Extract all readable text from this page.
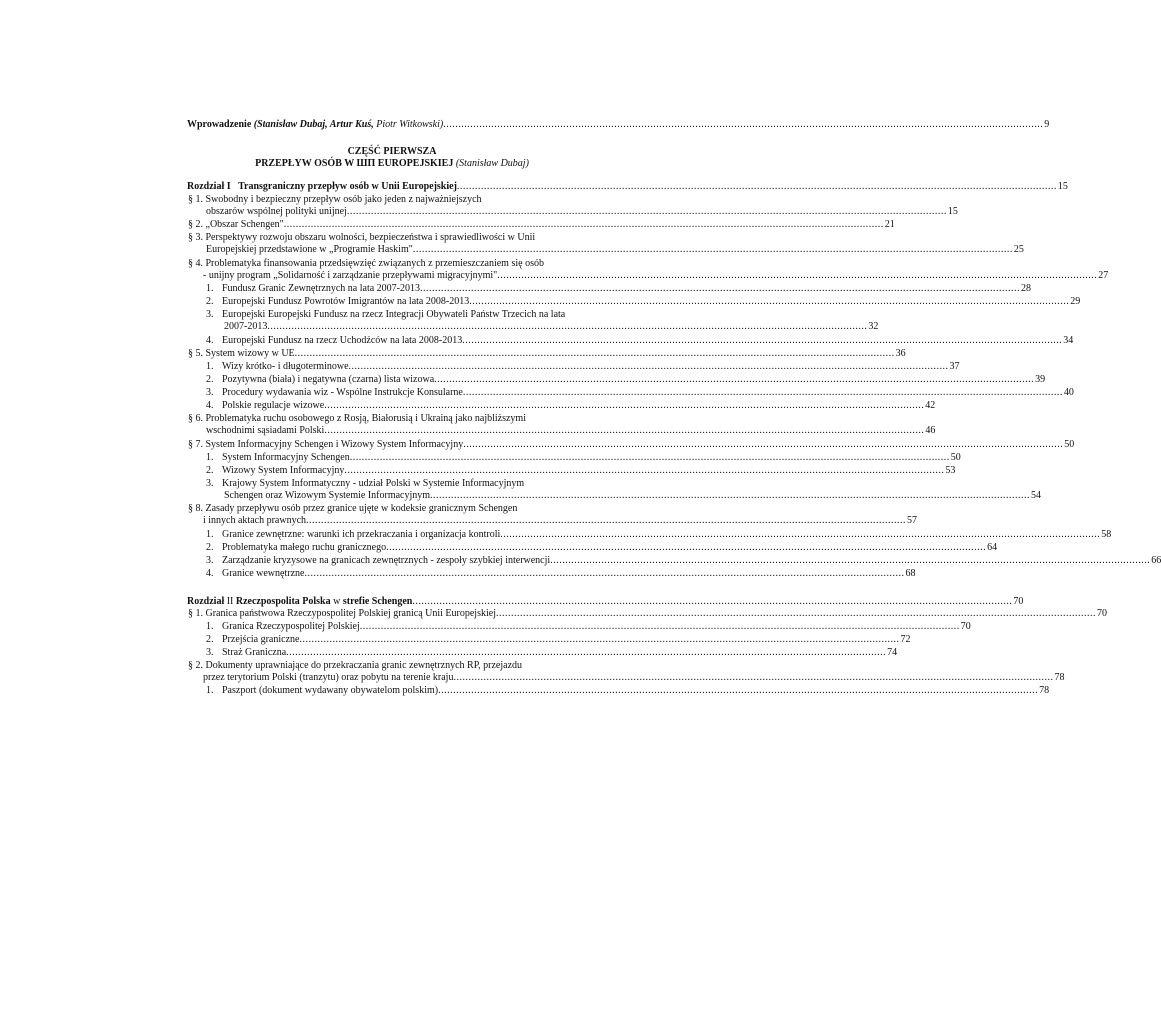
Wprowadzenie (Stanisław Dubaj, Artur Kuś, Piotr Witkowski) ........................................................................................................................................................................................................ 9
CZĘŚĆ PIERWSZA
PRZEPŁYW OSÓB W ШП EUROPEJSKIEJ (Stanisław Dubaj)
Rozdział I Transgraniczny przepływ osób w Unii Europejskiej ........................................................................................................................................................................................................ 15
§ 1. Swobodny i bezpieczny przepływ osób jako jeden z najważniejszych
obszarów wspólnej polityki unijnej ........................................................................................................................................................................................................ 15
§ 2. „Obszar Schengen" ........................................................................................................................................................................................................ 21
§ 3. Perspektywy rozwoju obszaru wolności, bezpieczeństwa i sprawiedliwości w Unii
Europejskiej przedstawione w „Programie Haskim" ........................................................................................................................................................................................................ 25
§ 4. Problematyka finansowania przedsięwzięć związanych z przemieszczaniem się osób
- unijny program „Solidarność i zarządzanie przepływami migracyjnymi" ........................................................................................................................................................................................................ 27
1. Fundusz Granic Zewnętrznych na lata 2007-2013 ........................................................................................................................................................................................................ 28
2. Europejski Fundusz Powrotów Imigrantów na lata 2008-2013 ........................................................................................................................................................................................................ 29
3. Europejski Europejski Fundusz na rzecz Integracji Obywateli Państw Trzecich na lata
2007-2013 ........................................................................................................................................................................................................ 32
4. Europejski Fundusz na rzecz Uchodźców na lata 2008-2013 ........................................................................................................................................................................................................ 34
§ 5. System wizowy w UE ........................................................................................................................................................................................................ 36
1. Wizy krótko- i długoterminowe ........................................................................................................................................................................................................ 37
2. Pozytywna (biała) i negatywna (czarna) lista wizowa ........................................................................................................................................................................................................ 39
3. Procedury wydawania wiz - Wspólne Instrukcje Konsularne ........................................................................................................................................................................................................ 40
4. Polskie regulacje wizowe ........................................................................................................................................................................................................ 42
§ 6. Problematyka ruchu osobowego z Rosją, Białorusią i Ukrainą jako najbliższymi
wschodnimi sąsiadami Polski ........................................................................................................................................................................................................ 46
§ 7. System Informacyjny Schengen i Wizowy System Informacyjny ........................................................................................................................................................................................................ 50
1. System Informacyjny Schengen ........................................................................................................................................................................................................ 50
2. Wizowy System Informacyjny ........................................................................................................................................................................................................ 53
3. Krajowy System Informatyczny - udział Polski w Systemie Informacyjnym
Schengen oraz Wizowym Systemie Informacyjnym ........................................................................................................................................................................................................ 54
§ 8. Zasady przepływu osób przez granice ujęte w kodeksie granicznym Schengen
i innych aktach prawnych ........................................................................................................................................................................................................ 57
1. Granice zewnętrzne: warunki ich przekraczania i organizacja kontroli ........................................................................................................................................................................................................ 58
2. Problematyka małego ruchu granicznego ........................................................................................................................................................................................................ 64
3. Zarządzanie kryzysowe na granicach zewnętrznych - zespoły szybkiej interwencji ........................................................................................................................................................................................................ 66
4. Granice wewnętrzne ........................................................................................................................................................................................................ 68
Rozdział II Rzeczpospolita Polska w strefie Schengen ........................................................................................................................................................................................................ 70
§ 1. Granica państwowa Rzeczypospolitej Polskiej granicą Unii Europejskiej ........................................................................................................................................................................................................ 70
1. Granica Rzeczypospolitej Polskiej ........................................................................................................................................................................................................ 70
2. Przejścia graniczne ........................................................................................................................................................................................................ 72
3. Straż Graniczna ........................................................................................................................................................................................................ 74
§ 2. Dokumenty uprawniające do przekraczania granic zewnętrznych RP, przejazdu
przez terytorium Polski (tranzytu) oraz pobytu na terenie kraju ........................................................................................................................................................................................................ 78
1. Paszport (dokument wydawany obywatelom polskim) ........................................................................................................................................................................................................ 78
